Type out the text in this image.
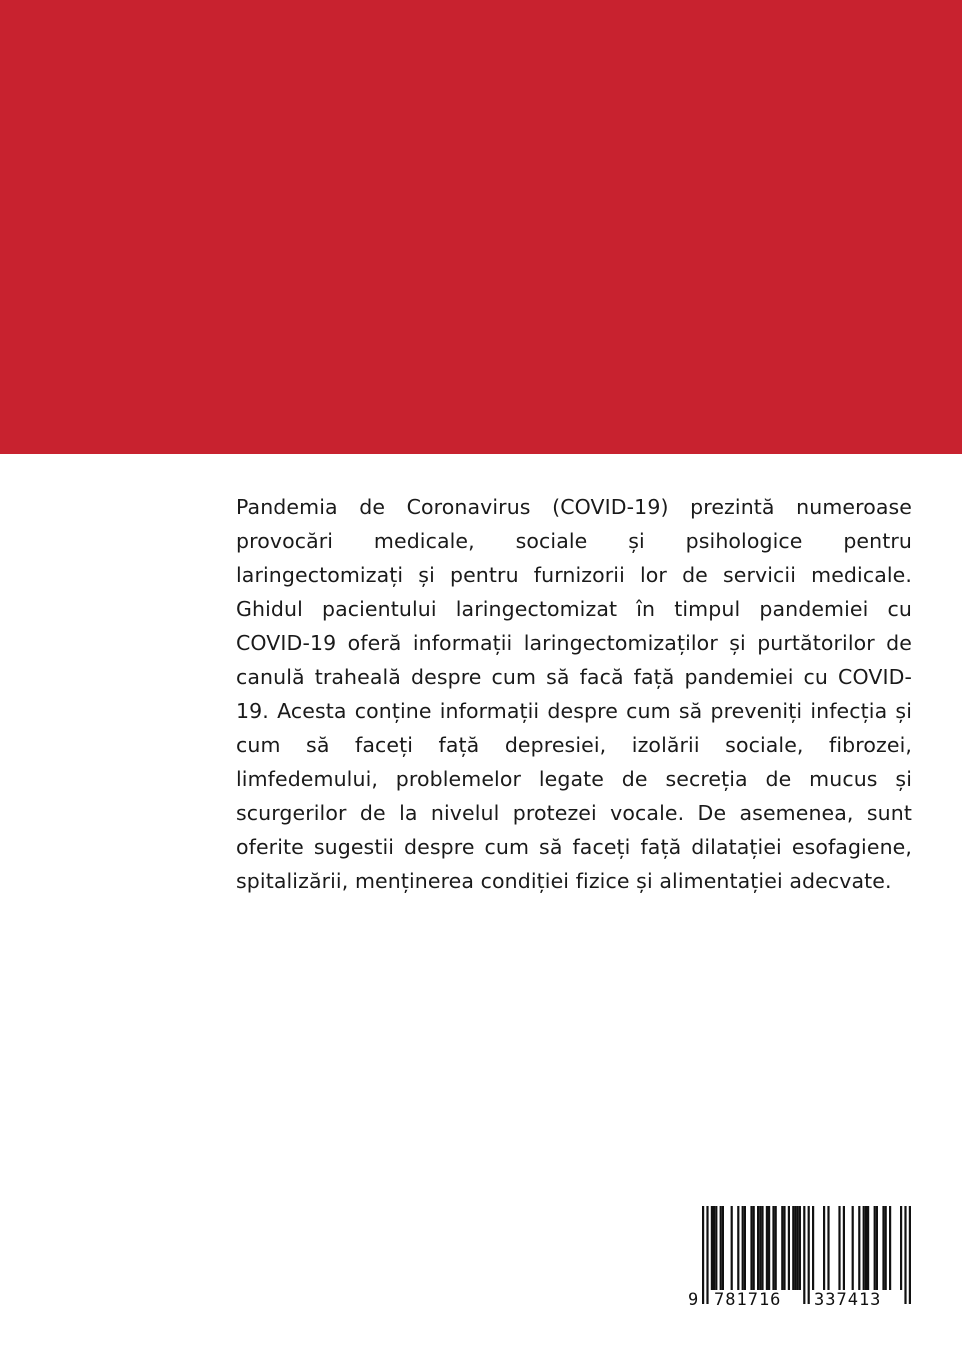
Pandemia de Coronavirus (COVID-19) prezintă numeroase provocări medicale, sociale și psihologice pentru laringectomizați și pentru furnizorii lor de servicii medicale. Ghidul pacientului laringectomizat în timpul pandemiei cu COVID-19 oferă informații laringectomizaților și purtătorilor de canulă traheală despre cum să facă față pandemiei cu COVID-19. Acesta conține informații despre cum să preveniți infecția și cum să faceți față depresiei, izolării sociale, fibrozei, limfedemului, problemelor legate de secreția de mucus și scurgerilor de la nivelul protezei vocale. De asemenea, sunt oferite sugestii despre cum să faceți față dilatației esofagiene, spitalizării, menținerea condiției fizice și alimentației adecvate.

9 781716 337413
